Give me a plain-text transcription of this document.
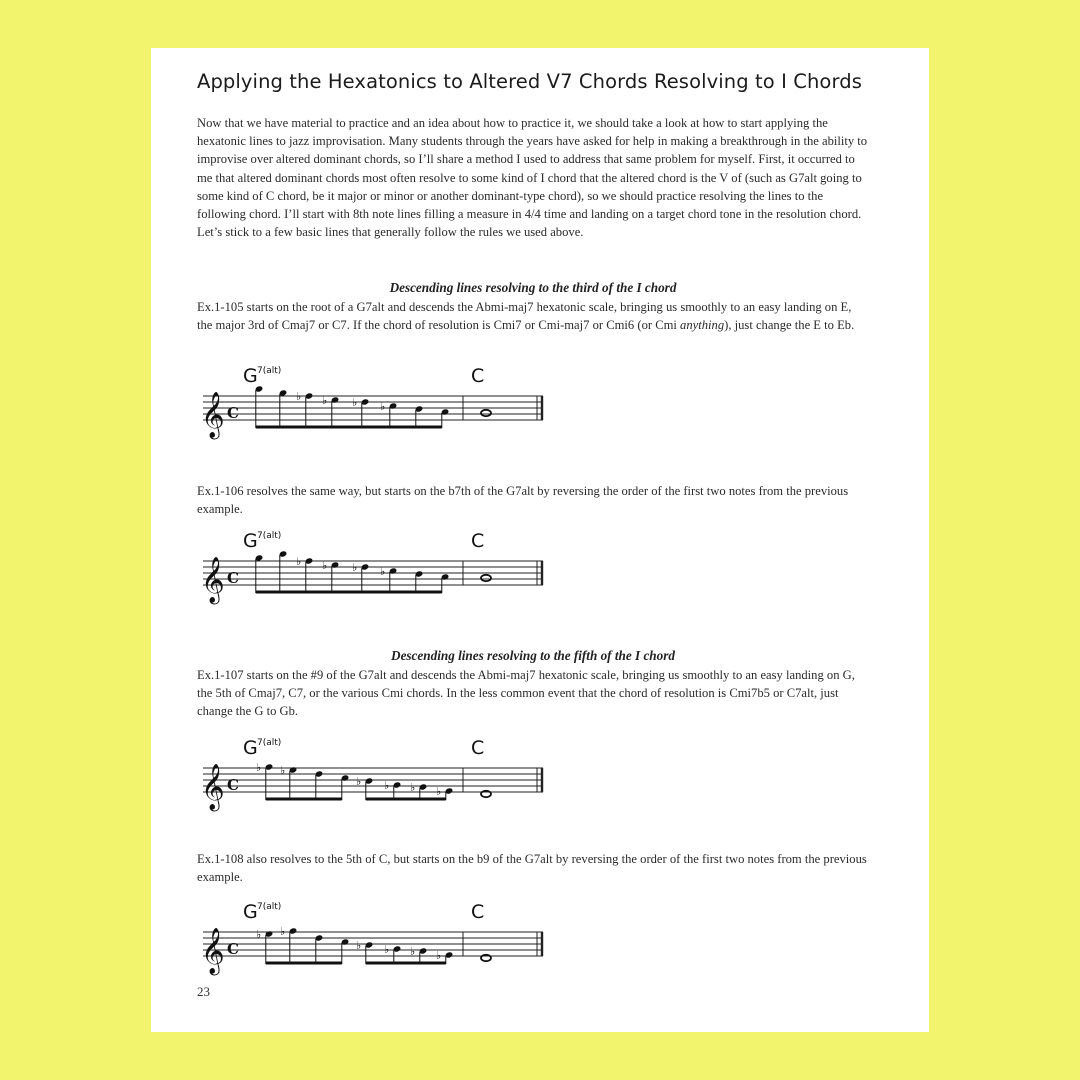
Applying the Hexatonics to Altered V7 Chords Resolving to I Chords

Now that we have material to practice and an idea about how to practice it, we should take a look at how to start applying the hexatonic lines to jazz improvisation. Many students through the years have asked for help in making a breakthrough in the ability to improvise over altered dominant chords, so I’ll share a method I used to address that same problem for myself. First, it occurred to me that altered dominant chords most often resolve to some kind of I chord that the altered chord is the V of (such as G7alt going to some kind of C chord, be it major or minor or another dominant-type chord), so we should practice resolving the lines to the following chord. I’ll start with 8th note lines filling a measure in 4/4 time and landing on a target chord tone in the resolution chord. Let’s stick to a few basic lines that generally follow the rules we used above.

Descending lines resolving to the third of the I chord

Ex.1-105 starts on the root of a G7alt and descends the Abmi-maj7 hexatonic scale, bringing us smoothly to an easy landing on E, the major 3rd of Cmaj7 or C7. If the chord of resolution is Cmi7 or Cmi-maj7 or Cmi6 (or Cmi anything), just change the E to Eb.

G 7(alt)	C
𝄞 C
♭ ♭ ♭ ♭

Ex.1-106 resolves the same way, but starts on the b7th of the G7alt by reversing the order of the first two notes from the previous example.

G 7(alt)	C
𝄞 C
♭ ♭ ♭ ♭

Descending lines resolving to the fifth of the I chord

Ex.1-107 starts on the #9 of the G7alt and descends the Abmi-maj7 hexatonic scale, bringing us smoothly to an easy landing on G, the 5th of Cmaj7, C7, or the various Cmi chords. In the less common event that the chord of resolution is Cmi7b5 or C7alt, just change the G to Gb.

G 7(alt)	C
𝄞 C
♭ ♭
♭ ♭ ♭ ♭

Ex.1-108 also resolves to the 5th of C, but starts on the b9 of the G7alt by reversing the order of the first two notes from the previous example.

G 7(alt)	C
𝄞 C
♭ ♭
♭ ♭ ♭ ♭
23
